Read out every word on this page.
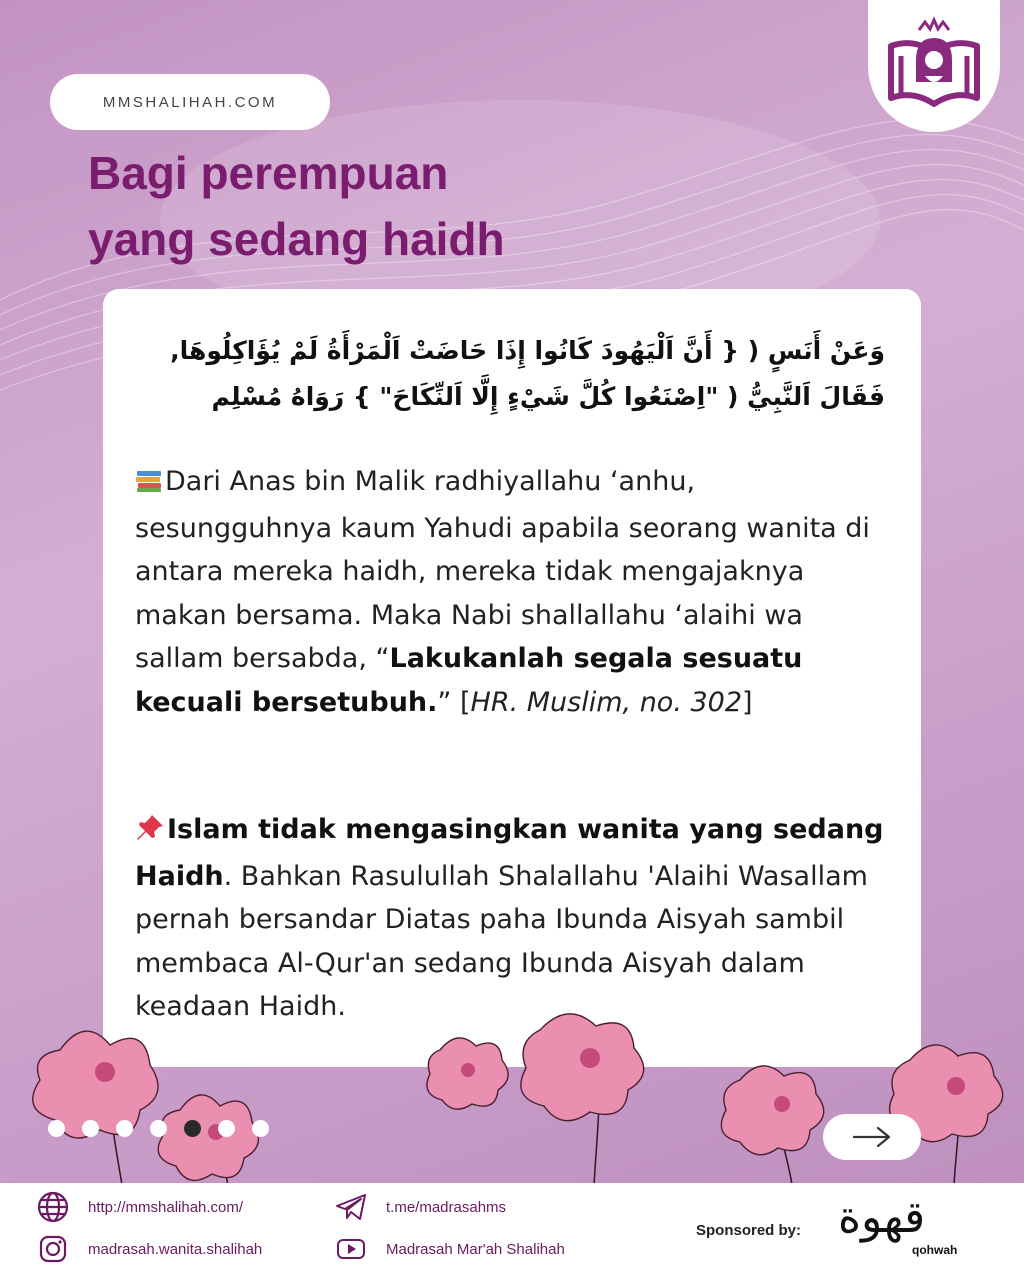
MMSHALIHAH.COM
Bagi perempuan
yang sedang haidh
وَعَنْ أَنَسٍ ( { أَنَّ اَلْيَهُودَ كَانُوا إِذَا حَاضَتْ اَلْمَرْأَةُ لَمْ يُؤَاكِلُوهَا,
فَقَالَ اَلنَّبِيُّ ( "اِصْنَعُوا كُلَّ شَيْءٍ إِلَّا اَلنِّكَاحَ" } رَوَاهُ مُسْلِم
Dari Anas bin Malik radhiyallahu ‘anhu, sesungguhnya kaum Yahudi apabila seorang wanita di antara mereka haidh, mereka tidak mengajaknya makan bersama. Maka Nabi shallallahu ‘alaihi wa sallam bersabda, “Lakukanlah segala sesuatu kecuali bersetubuh.” [HR. Muslim, no. 302]
Islam tidak mengasingkan wanita yang sedang Haidh. Bahkan Rasulullah Shalallahu 'Alaihi Wasallam pernah bersandar Diatas paha Ibunda Aisyah sambil membaca Al-Qur'an sedang Ibunda Aisyah dalam keadaan Haidh.
http://mmshalihah.com/
madrasah.wanita.shalihah
t.me/madrasahms
Madrasah Mar'ah Shalihah
Sponsored by: قهوة
qohwah
